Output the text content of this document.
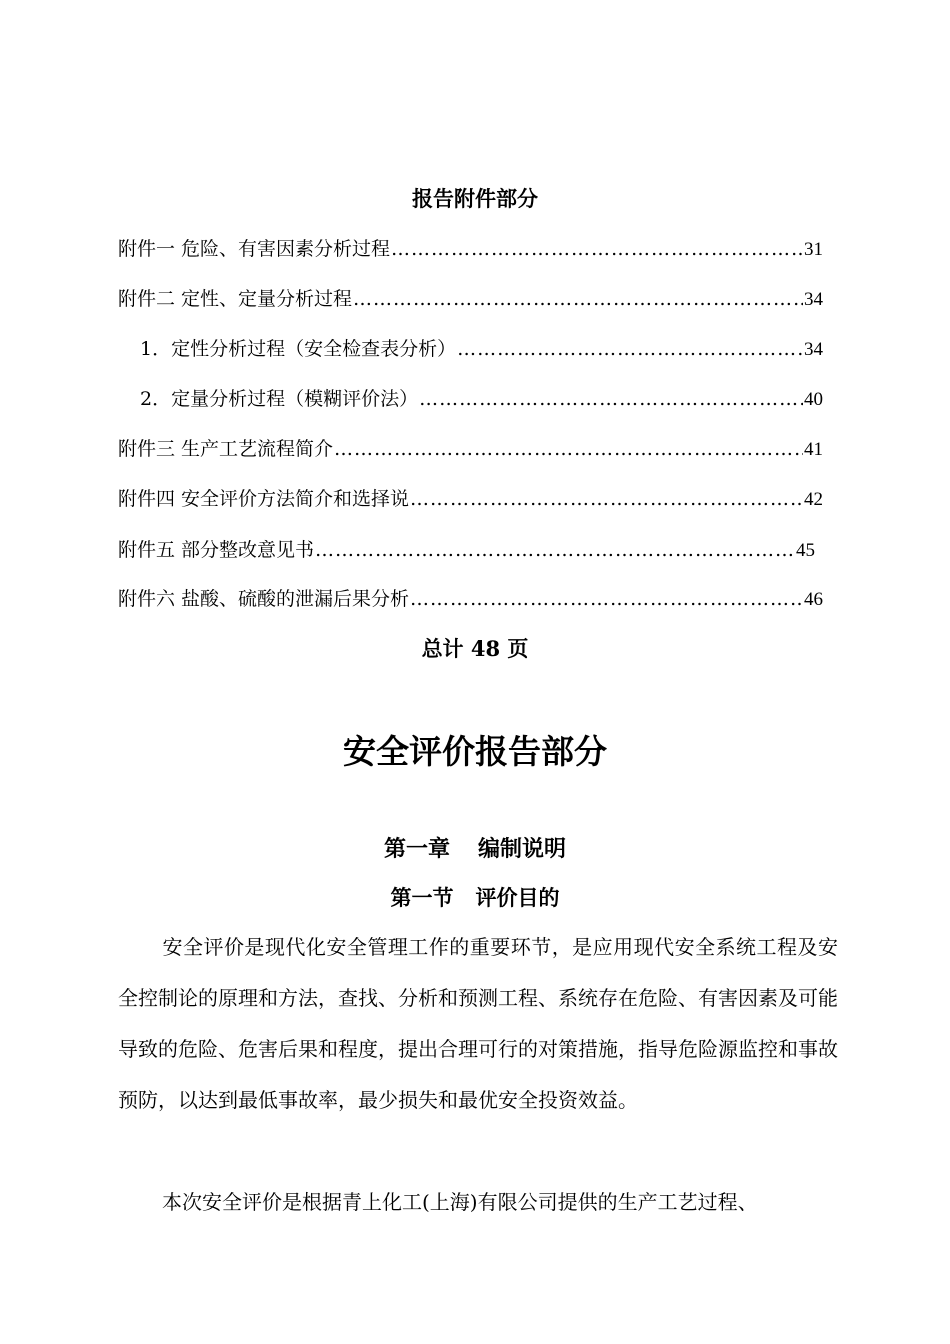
报告附件部分
附件一 危险、有害因素分析过程 ………………………………………………………………………………………………………………………………………………………	31
附件二 定性、定量分析过程 ………………………………………………………………………………………………………………………………………………………	34
1．定性分析过程（安全检查表分析） ………………………………………………………………………………………………………………………………………………………	34
2．定量分析过程（模糊评价法） ………………………………………………………………………………………………………………………………………………………	40
附件三 生产工艺流程简介 ………………………………………………………………………………………………………………………………………………………	41
附件四 安全评价方法简介和选择说 ………………………………………………………………………………………………………………………………………………………	42
附件五 部分整改意见书 ………………………………………………………………………………………………………………………………………………………	45
附件六 盐酸、硫酸的泄漏后果分析 ………………………………………………………………………………………………………………………………………………………	46
总计 48 页
安全评价报告部分
第一章 编制说明
第一节 评价目的
安全评价是现代化安全管理工作的重要环节，是应用现代安全系统工程及安全控制论的原理和方法，查找、分析和预测工程、系统存在危险、有害因素及可能导致的危险、危害后果和程度，提出合理可行的对策措施，指导危险源监控和事故预防，以达到最低事故率，最少损失和最优安全投资效益。
本次安全评价是根据青上化工(上海)有限公司提供的生产工艺过程、
